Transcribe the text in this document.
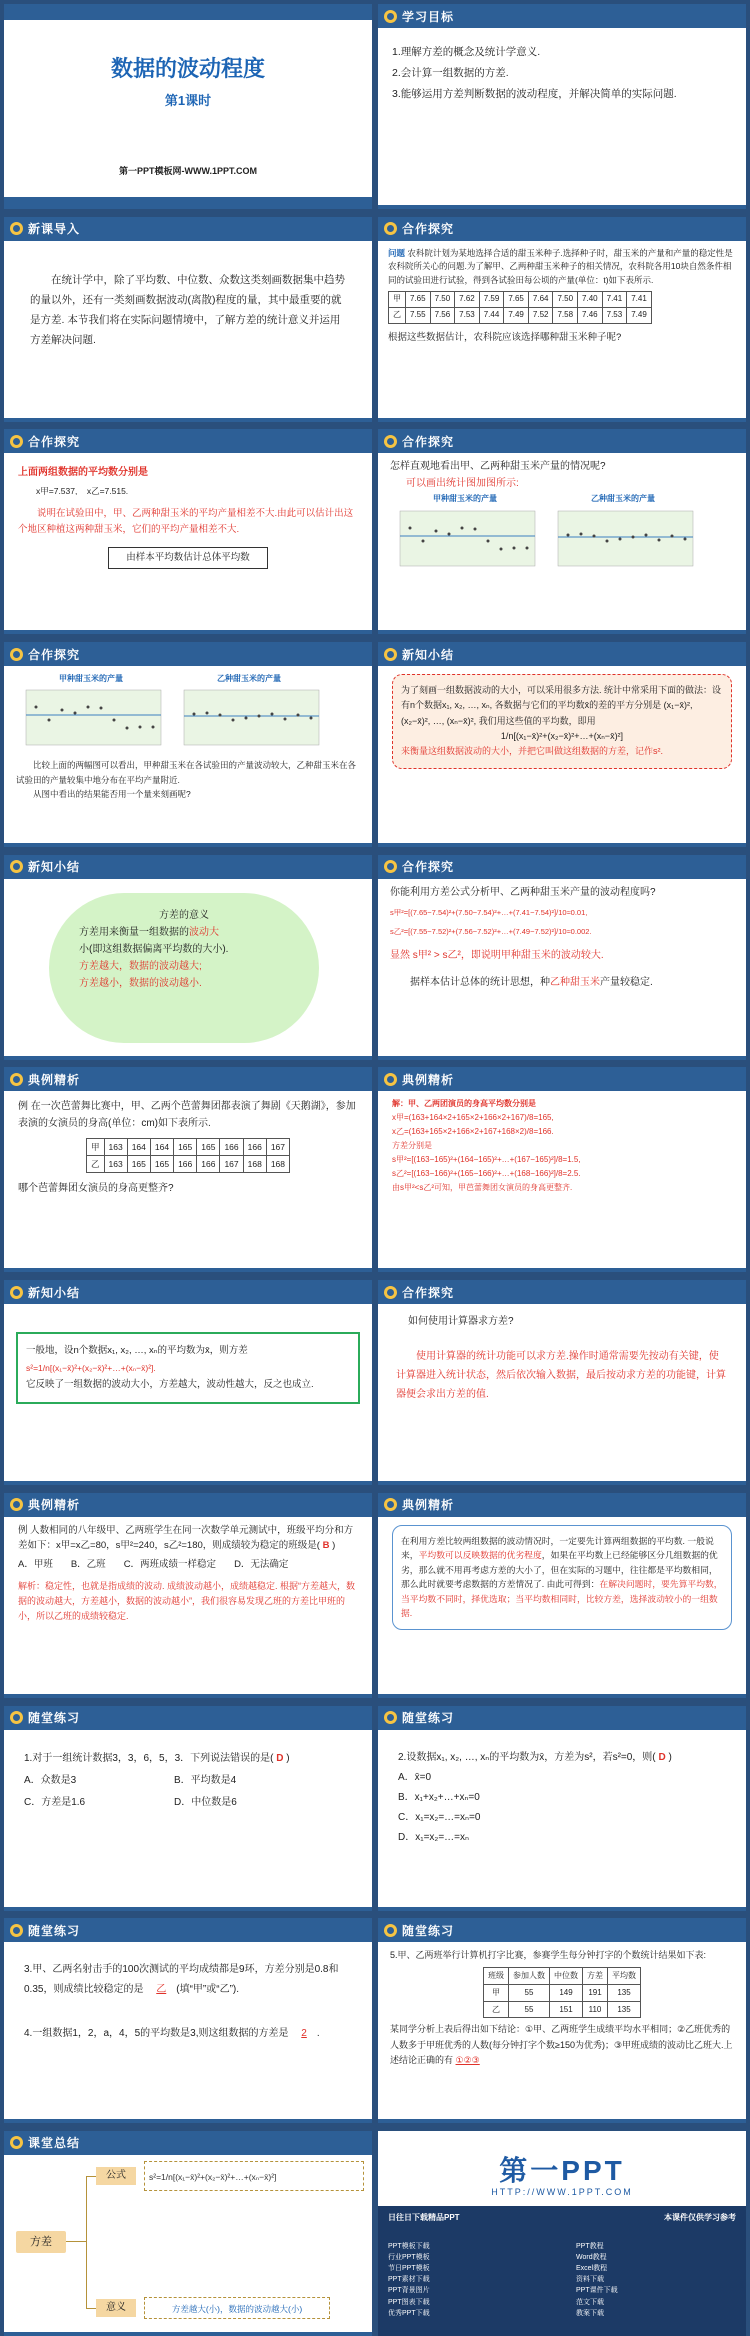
数据的波动程度
第1课时
第一PPT模板网-WWW.1PPT.COM
学习目标
1.理解方差的概念及统计学意义.
2.会计算一组数据的方差.
3.能够运用方差判断数据的波动程度，并解决简单的实际问题.
新课导入
在统计学中，除了平均数、中位数、众数这类刻画数据集中趋势的量以外，还有一类刻画数据波动(离散)程度的量，其中最重要的就是方差. 本节我们将在实际问题情境中，了解方差的统计意义并运用方差解决问题.
合作探究
问题 农科院计划为某地选择合适的甜玉米种子.选择种子时，甜玉米的产量和产量的稳定性是农科院所关心的问题.为了解甲、乙两种甜玉米种子的相关情况，农科院各用10块自然条件相同的试验田进行试验，得到各试验田每公顷的产量(单位：t)如下表所示.
甲	7.65	7.50	7.62	7.59	7.65	7.64	7.50	7.40	7.41	7.41
乙	7.55	7.56	7.53	7.44	7.49	7.52	7.58	7.46	7.53	7.49
根据这些数据估计，农科院应该选择哪种甜玉米种子呢?
合作探究
上面两组数据的平均数分别是
x甲=7.537, x乙=7.515.
说明在试验田中，甲、乙两种甜玉米的平均产量相差不大.由此可以估计出这个地区种植这两种甜玉米，它们的平均产量相差不大.
由样本平均数估计总体平均数
合作探究
怎样直观地看出甲、乙两种甜玉米产量的情况呢?
可以画出统计图加图所示:
甲种甜玉米的产量	乙种甜玉米的产量
合作探究
甲种甜玉米的产量	乙种甜玉米的产量
比较上面的两幅图可以看出，甲种甜玉米在各试验田的产量波动较大，乙种甜玉米在各试验田的产量较集中地分布在平均产量附近.
从图中看出的结果能否用一个量来刻画呢?
新知小结
为了刻画一组数据波动的大小，可以采用很多方法. 统计中常采用下面的做法：设有n个数据x₁, x₂, …, xₙ, 各数据与它们的平均数x̄的差的平方分别是 (x₁−x̄)², (x₂−x̄)², …, (xₙ−x̄)², 我们用这些值的平均数，即用
1/n[(x₁−x̄)²+(x₂−x̄)²+…+(xₙ−x̄)²]
来衡量这组数据波动的大小，并把它叫做这组数据的方差，记作s².
新知小结
方差的意义
方差用来衡量一组数据的波动大
小(即这组数据偏离平均数的大小).
方差越大，数据的波动越大;
方差越小，数据的波动越小.
合作探究
你能利用方差公式分析甲、乙两种甜玉米产量的波动程度吗?
s甲²=[(7.65−7.54)²+(7.50−7.54)²+…+(7.41−7.54)²]/10≈0.01,
s乙²=[(7.55−7.52)²+(7.56−7.52)²+…+(7.49−7.52)²]/10≈0.002.
显然 s甲² > s乙²，即说明甲种甜玉米的波动较大.
据样本估计总体的统计思想，种乙种甜玉米产量较稳定.
典例精析
例 在一次芭蕾舞比赛中，甲、乙两个芭蕾舞团都表演了舞剧《天鹅湖》，参加表演的女演员的身高(单位：cm)如下表所示.
甲	163	164	164	165	165	166	166	167
乙	163	165	165	166	166	167	168	168
哪个芭蕾舞团女演员的身高更整齐?
典例精析
解：甲、乙两团演员的身高平均数分别是
x甲=(163+164×2+165×2+166×2+167)/8=165,
x乙=(163+165×2+166×2+167+168×2)/8=166.
方差分别是
s甲²=[(163−165)²+(164−165)²+…+(167−165)²]/8=1.5,
s乙²=[(163−166)²+(165−166)²+…+(168−166)²]/8=2.5.
由s甲²<s乙²可知，甲芭蕾舞团女演员的身高更整齐.
新知小结
一般地，设n个数据x₁, x₂, …, xₙ的平均数为x̄，则方差
s²=1/n[(x₁−x̄)²+(x₂−x̄)²+…+(xₙ−x̄)²].
它反映了一组数据的波动大小，方差越大，波动性越大，反之也成立.
合作探究
如何使用计算器求方差?
使用计算器的统计功能可以求方差.操作时通常需要先按动有关键，使计算器进入统计状态，然后依次输入数据，最后按动求方差的功能键，计算器便会求出方差的值.
典例精析
例 人数相同的八年级甲、乙两班学生在同一次数学单元测试中，班级平均分和方差如下：x甲=x乙=80，s甲²=240，s乙²=180，则成绩较为稳定的班级是( B )
A．甲班 B．乙班 C．两班成绩一样稳定 D．无法确定
解析：稳定性，也就是指成绩的波动. 成绩波动越小，成绩越稳定. 根据“方差越大，数据的波动越大，方差越小，数据的波动越小”，我们很容易发现乙班的方差比甲班的小，所以乙班的成绩较稳定.
典例精析
在利用方差比较两组数据的波动情况时，一定要先计算两组数据的平均数. 一般说来，平均数可以反映数据的优劣程度，如果在平均数上已经能够区分几组数据的优劣，那么就不用再考虑方差的大小了，但在实际的习题中，往往都是平均数相同，那么此时就要考虑数据的方差情况了. 由此可得到：在解决问题时，要先算平均数，当平均数不同时，择优选取；当平均数相同时，比较方差，选择波动较小的一组数据.
随堂练习
1.对于一组统计数据3，3，6，5，3．下列说法错误的是( D )
A．众数是3	B．平均数是4
C．方差是1.6	D．中位数是6
随堂练习
2.设数据x₁, x₂, …, xₙ的平均数为x̄，方差为s²，若s²=0，则( D )
A．x̄=0
B．x₁+x₂+…+xₙ=0
C．x₁=x₂=…=xₙ=0
D．x₁=x₂=…=xₙ
随堂练习
3.甲、乙两名射击手的100次测试的平均成绩都是9环，方差分别是0.8和0.35，则成绩比较稳定的是 乙 (填“甲”或“乙”).
4.一组数据1，2，a，4，5的平均数是3,则这组数据的方差是 2 .
随堂练习
5.甲、乙两班举行计算机打字比赛，参赛学生每分钟打字的个数统计结果如下表:
班级	参加人数	中位数	方差	平均数
甲	55	149	191	135
乙	55	151	110	135
某同学分析上表后得出如下结论：①甲、乙两班学生成绩平均水平相同；②乙班优秀的人数多于甲班优秀的人数(每分钟打字个数≥150为优秀)；③甲班成绩的波动比乙班大.上述结论正确的有 ①②③
课堂总结
方差
公式	s²=1/n[(x₁−x̄)²+(x₂−x̄)²+…+(xₙ−x̄)²]
意义	方差越大(小)，数据的波动越大(小)
第一PPT
HTTP://WWW.1PPT.COM
日往日下载精品PPT	本课件仅供学习参考
PPT模板下载
行业PPT模板
节日PPT模板
PPT素材下载
PPT背景图片
PPT图表下载
优秀PPT下载
PPT教程
Word教程
Excel教程
资料下载
PPT课件下载
范文下载
教案下载
